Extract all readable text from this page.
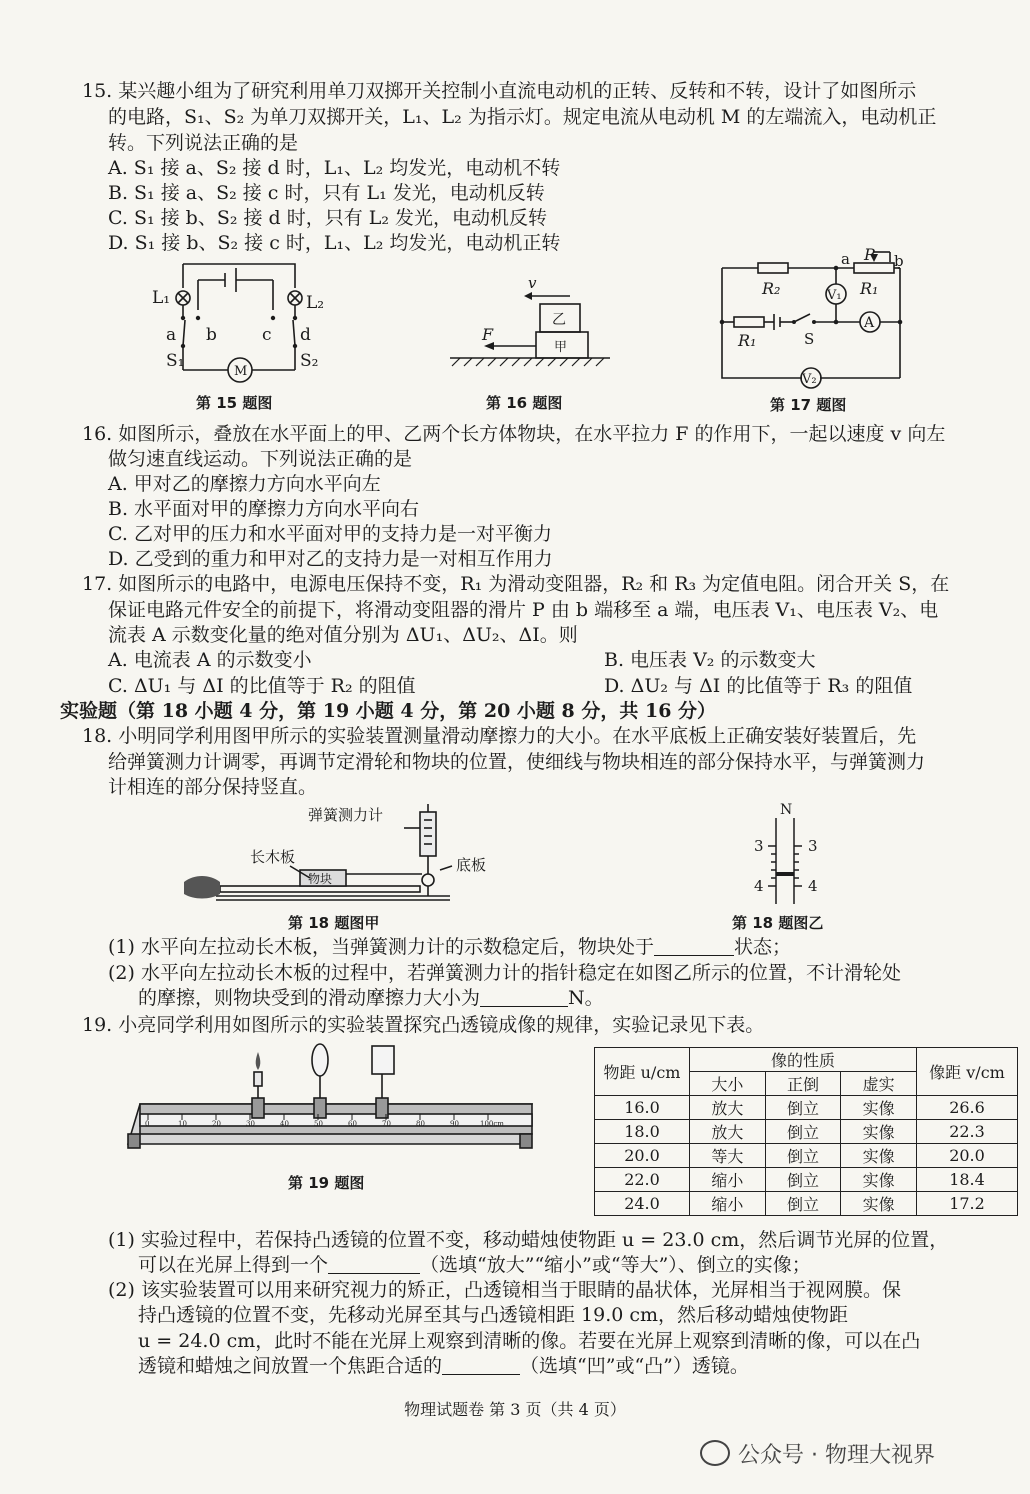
15. 某兴趣小组为了研究利用单刀双掷开关控制小直流电动机的正转、反转和不转，设计了如图所示
的电路，S₁、S₂ 为单刀双掷开关，L₁、L₂ 为指示灯。规定电流从电动机 M 的左端流入，电动机正
转。下列说法正确的是
A. S₁ 接 a、S₂ 接 d 时，L₁、L₂ 均发光，电动机不转
B. S₁ 接 a、S₂ 接 c 时，只有 L₁ 发光，电动机反转
C. S₁ 接 b、S₂ 接 d 时，只有 L₂ 发光，电动机反转
D. S₁ 接 b、S₂ 接 c 时，L₁、L₂ 均发光，电动机正转
L₁	L₂
a b	c d
S₁	S₂
M
第 15 题图
v
F
乙
甲
第 16 题图
a P b
R₂	V₁ R₁
R₁	S
A
V₂
第 17 题图
16. 如图所示，叠放在水平面上的甲、乙两个长方体物块，在水平拉力 F 的作用下，一起以速度 v 向左
做匀速直线运动。下列说法正确的是
A. 甲对乙的摩擦力方向水平向左
B. 水平面对甲的摩擦力方向水平向右
C. 乙对甲的压力和水平面对甲的支持力是一对平衡力
D. 乙受到的重力和甲对乙的支持力是一对相互作用力
17. 如图所示的电路中，电源电压保持不变，R₁ 为滑动变阻器，R₂ 和 R₃ 为定值电阻。闭合开关 S，在
保证电路元件安全的前提下，将滑动变阻器的滑片 P 由 b 端移至 a 端，电压表 V₁、电压表 V₂、电
流表 A 示数变化量的绝对值分别为 ΔU₁、ΔU₂、ΔI。则
A. 电流表 A 的示数变小	B. 电压表 V₂ 的示数变大
C. ΔU₁ 与 ΔI 的比值等于 R₂ 的阻值	D. ΔU₂ 与 ΔI 的比值等于 R₃ 的阻值
实验题（第 18 小题 4 分，第 19 小题 4 分，第 20 小题 8 分，共 16 分）
18. 小明同学利用图甲所示的实验装置测量滑动摩擦力的大小。在水平底板上正确安装好装置后，先
给弹簧测力计调零，再调节定滑轮和物块的位置，使细线与物块相连的部分保持水平，与弹簧测力
计相连的部分保持竖直。
弹簧测力计
长木板
物块
底板
第 18 题图甲
N
3	3
4	4
第 18 题图乙
(1) 水平向左拉动长木板，当弹簧测力计的示数稳定后，物块处于	状态；
(2) 水平向左拉动长木板的过程中，若弹簧测力计的指针稳定在如图乙所示的位置，不计滑轮处
的摩擦，则物块受到的滑动摩擦力大小为	N。
19. 小亮同学利用如图所示的实验装置探究凸透镜成像的规律，实验记录见下表。
0	10	20	30	40	50	60	70	80	90	100cm
第 19 题图
物距 u/cm	像的性质			像距 v/cm
	大小	正倒	虚实	
16.0	放大	倒立	实像	26.6
18.0	放大	倒立	实像	22.3
20.0	等大	倒立	实像	20.0
22.0	缩小	倒立	实像	18.4
24.0	缩小	倒立	实像	17.2
(1) 实验过程中，若保持凸透镜的位置不变，移动蜡烛使物距 u = 23.0 cm，然后调节光屏的位置，
可以在光屏上得到一个	（选填“放大”“缩小”或“等大”）、倒立的实像；
(2) 该实验装置可以用来研究视力的矫正，凸透镜相当于眼睛的晶状体，光屏相当于视网膜。保
持凸透镜的位置不变，先移动光屏至其与凸透镜相距 19.0 cm，然后移动蜡烛使物距
u = 24.0 cm，此时不能在光屏上观察到清晰的像。若要在光屏上观察到清晰的像，可以在凸
透镜和蜡烛之间放置一个焦距合适的	（选填“凹”或“凸”）透镜。
物理试题卷 第 3 页（共 4 页）
公众号 · 物理大视界
